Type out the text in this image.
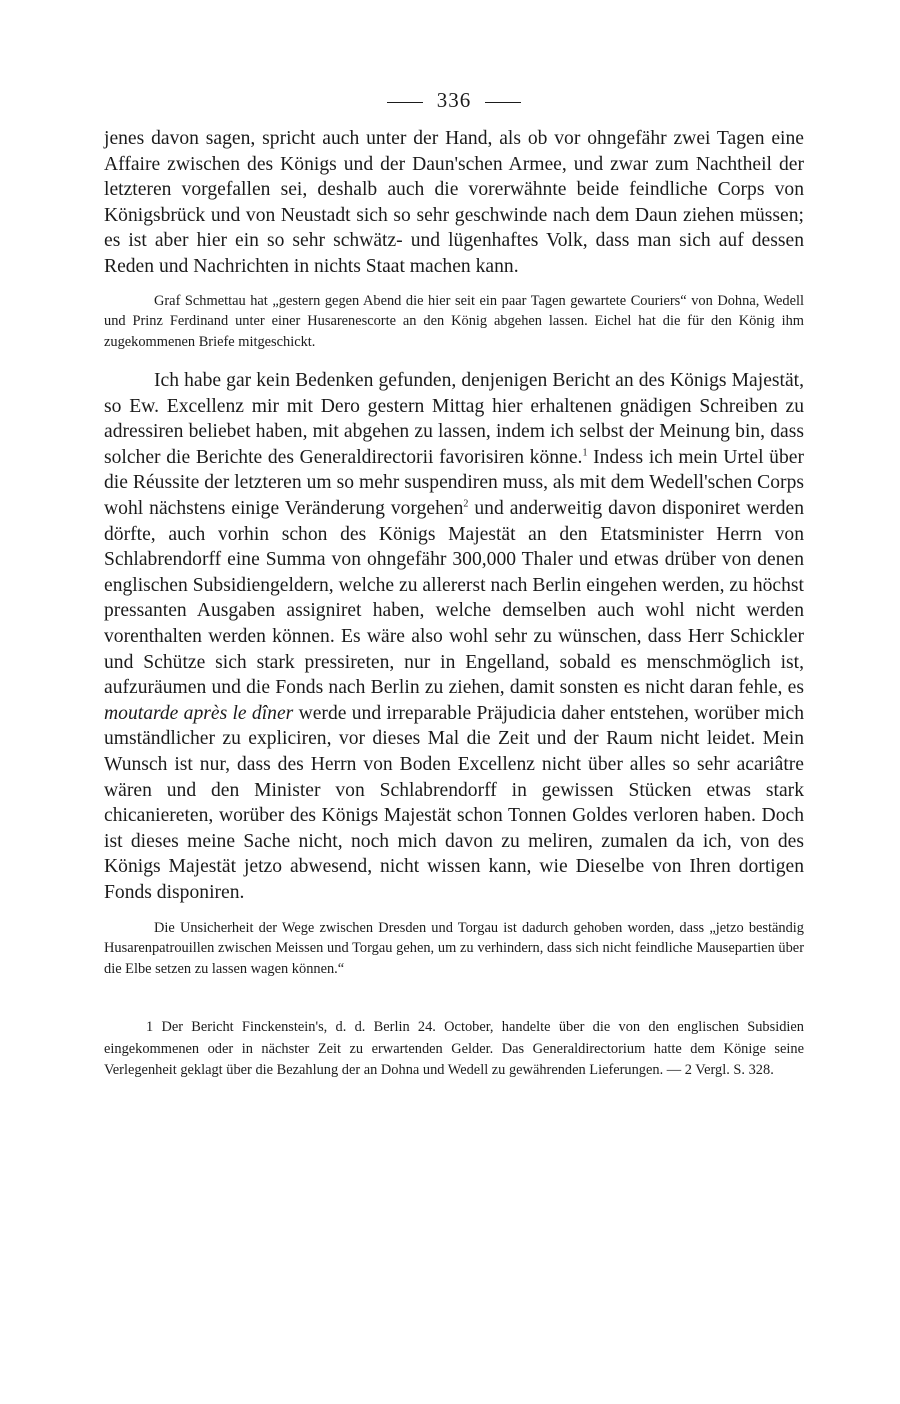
336

jenes davon sagen, spricht auch unter der Hand, als ob vor ohngefähr zwei Tagen eine Affaire zwischen des Königs und der Daun'schen Armee, und zwar zum Nachtheil der letzteren vorgefallen sei, deshalb auch die vorerwähnte beide feindliche Corps von Königsbrück und von Neustadt sich so sehr geschwinde nach dem Daun ziehen müssen; es ist aber hier ein so sehr schwätz- und lügenhaftes Volk, dass man sich auf dessen Reden und Nachrichten in nichts Staat machen kann.

Graf Schmettau hat „gestern gegen Abend die hier seit ein paar Tagen gewartete Couriers“ von Dohna, Wedell und Prinz Ferdinand unter einer Husarenescorte an den König abgehen lassen. Eichel hat die für den König ihm zugekommenen Briefe mitgeschickt.

Ich habe gar kein Bedenken gefunden, denjenigen Bericht an des Königs Majestät, so Ew. Excellenz mir mit Dero gestern Mittag hier erhaltenen gnädigen Schreiben zu adressiren beliebet haben, mit abgehen zu lassen, indem ich selbst der Meinung bin, dass solcher die Berichte des Generaldirectorii favorisiren könne.$^1$ Indess ich mein Urtel über die Réussite der letzteren um so mehr suspendiren muss, als mit dem Wedell'schen Corps wohl nächstens einige Veränderung vorgehen$^2$ und anderweitig davon disponiret werden dörfte, auch vorhin schon des Königs Majestät an den Etatsminister Herrn von Schlabrendorff eine Summa von ohngefähr 300,000 Thaler und etwas drüber von denen englischen Subsidiengeldern, welche zu allererst nach Berlin eingehen werden, zu höchst pressanten Ausgaben assigniret haben, welche demselben auch wohl nicht werden vorenthalten werden können. Es wäre also wohl sehr zu wünschen, dass Herr Schickler und Schütze sich stark pressireten, nur in Engelland, sobald es menschmöglich ist, aufzuräumen und die Fonds nach Berlin zu ziehen, damit sonsten es nicht daran fehle, es moutarde après le dîner werde und irreparable Präjudicia daher entstehen, worüber mich umständlicher zu expliciren, vor dieses Mal die Zeit und der Raum nicht leidet. Mein Wunsch ist nur, dass des Herrn von Boden Excellenz nicht über alles so sehr acariâtre wären und den Minister von Schlabrendorff in gewissen Stücken etwas stark chicaniereten, worüber des Königs Majestät schon Tonnen Goldes verloren haben. Doch ist dieses meine Sache nicht, noch mich davon zu meliren, zumalen da ich, von des Königs Majestät jetzo abwesend, nicht wissen kann, wie Dieselbe von Ihren dortigen Fonds disponiren.

Die Unsicherheit der Wege zwischen Dresden und Torgau ist dadurch gehoben worden, dass „jetzo beständig Husarenpatrouillen zwischen Meissen und Torgau gehen, um zu verhindern, dass sich nicht feindliche Mausepartien über die Elbe setzen zu lassen wagen können.“

1 Der Bericht Finckenstein's, d. d. Berlin 24. October, handelte über die von den englischen Subsidien eingekommenen oder in nächster Zeit zu erwartenden Gelder. Das Generaldirectorium hatte dem Könige seine Verlegenheit geklagt über die Bezahlung der an Dohna und Wedell zu gewährenden Lieferungen. — 2 Vergl. S. 328.
